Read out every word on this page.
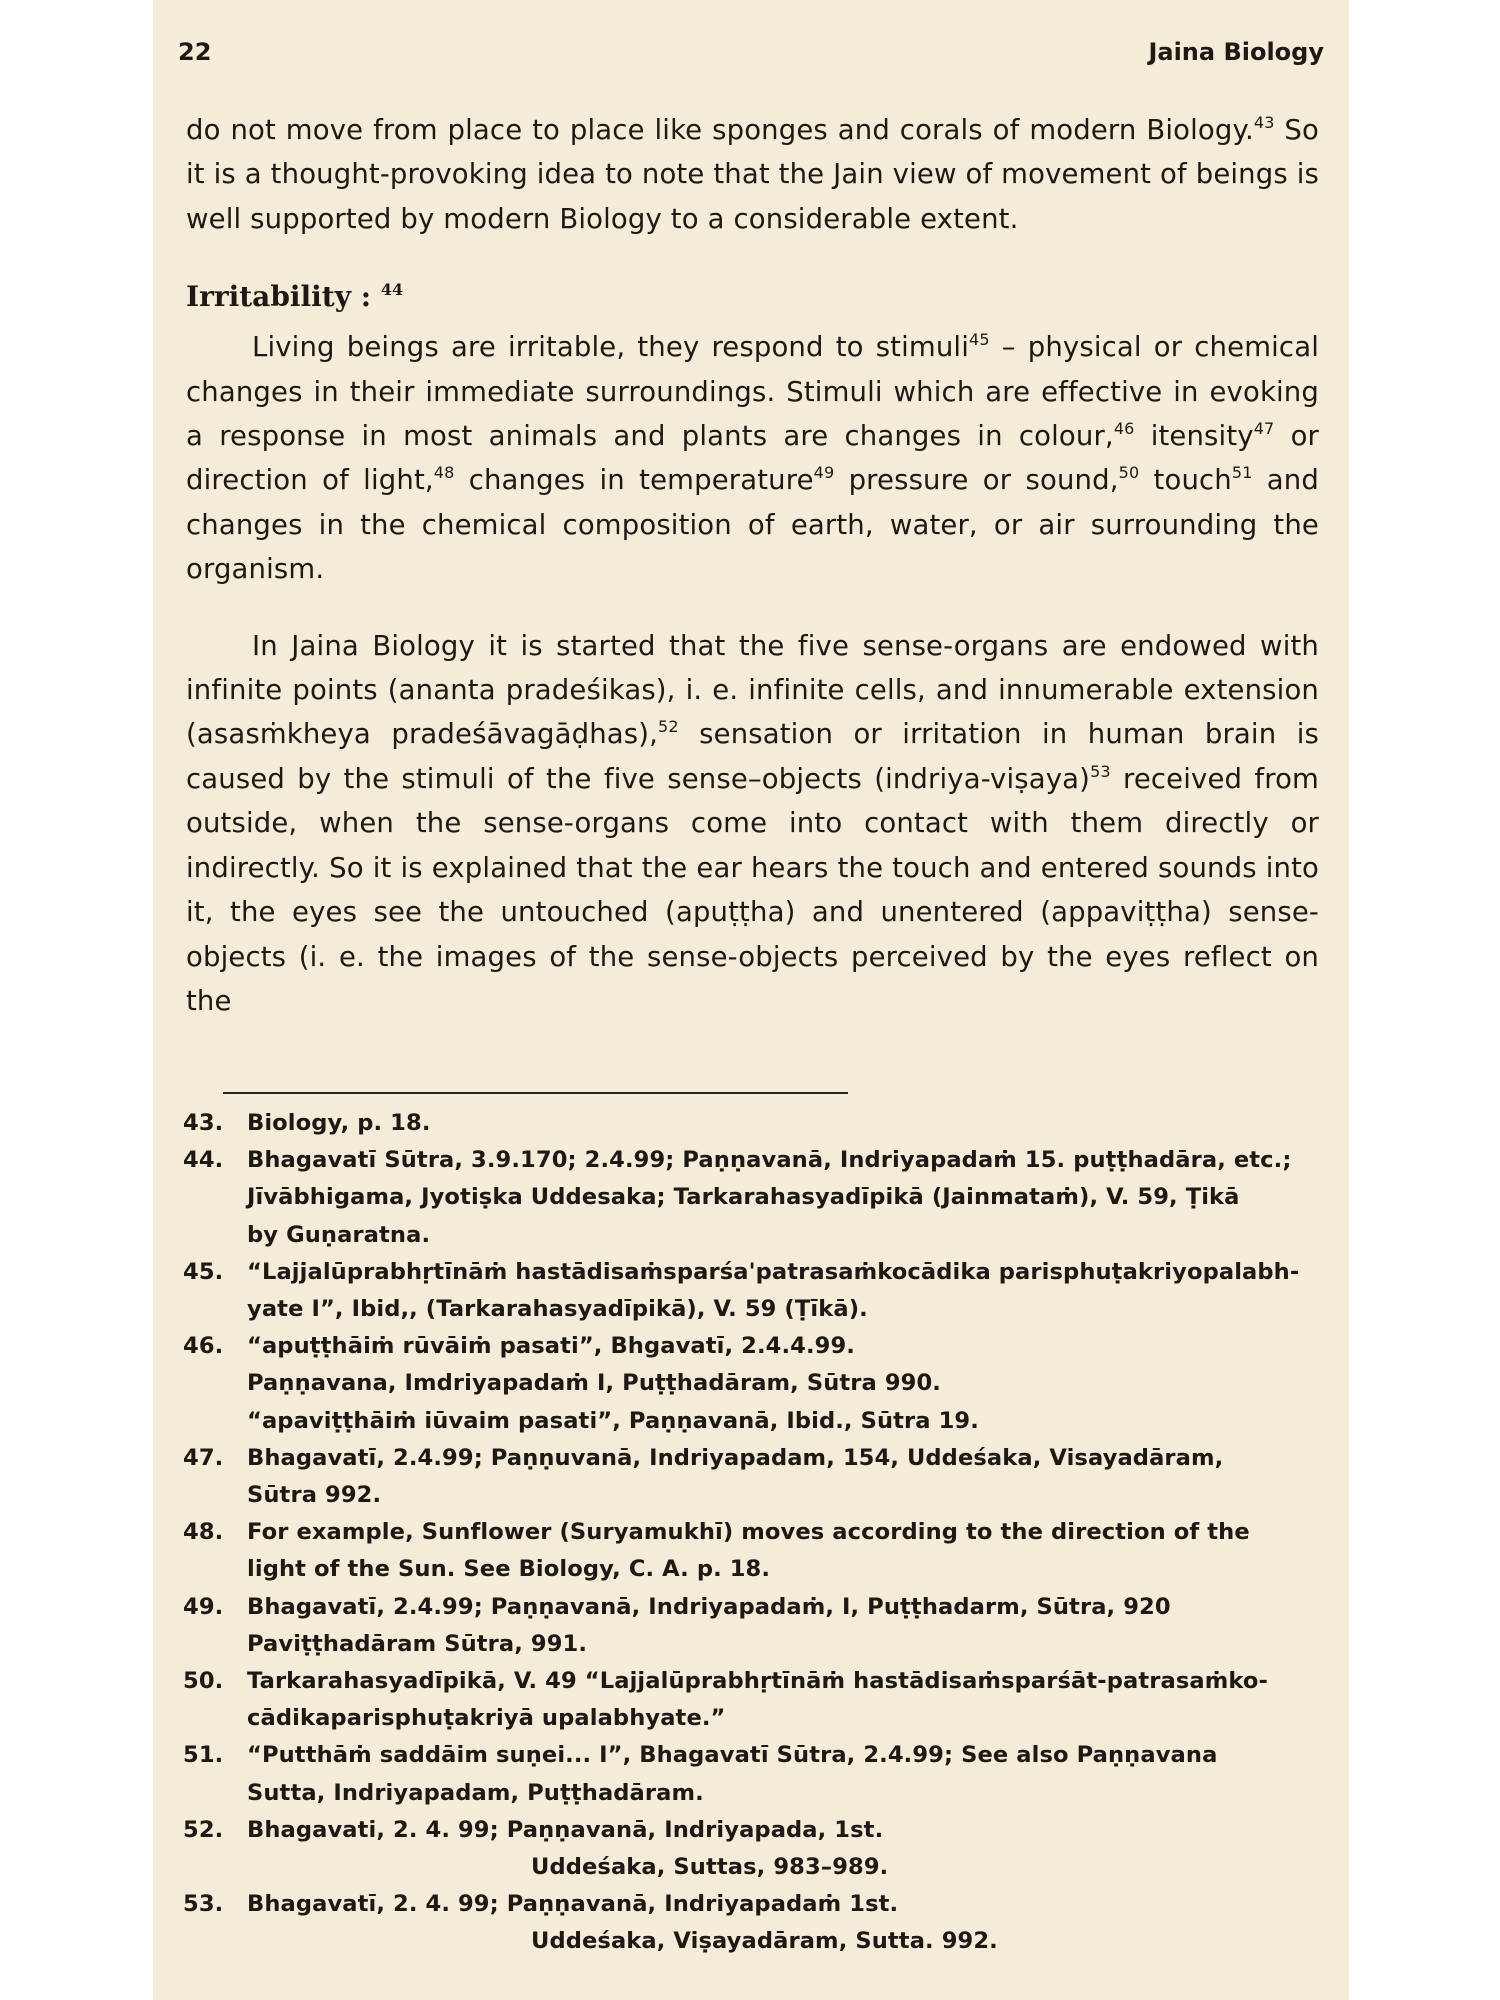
22	Jaina Biology

do not move from place to place like sponges and corals of modern Biology.$^{43}$ So it is a thought-provoking idea to note that the Jain view of movement of beings is well supported by modern Biology to a considerable extent.

Irritability : $^{44}$

Living beings are irritable, they respond to stimuli$^{45}$ – physical or chemical changes in their immediate surroundings. Stimuli which are effective in evoking a response in most animals and plants are changes in colour,$^{46}$ itensity$^{47}$ or direction of light,$^{48}$ changes in temperature$^{49}$ pressure or sound,$^{50}$ touch$^{51}$ and changes in the chemical composition of earth, water, or air surrounding the organism.

In Jaina Biology it is started that the five sense-organs are endowed with infinite points (ananta pradeśikas), i. e. infinite cells, and innumerable extension (asasṁkheya pradeśāvagāḍhas),$^{52}$ sensation or irritation in human brain is caused by the stimuli of the five sense–objects (indriya-viṣaya)$^{53}$ received from outside, when the sense-organs come into contact with them directly or indirectly. So it is explained that the ear hears the touch and entered sounds into it, the eyes see the untouched (apuṭṭha) and unentered (appaviṭṭha) sense-objects (i. e. the images of the sense-objects perceived by the eyes reflect on the

43. Biology, p. 18.
44. Bhagavatī Sūtra, 3.9.170; 2.4.99; Paṇṇavanā, Indriyapadaṁ 15. puṭṭhadāra, etc.;
Jīvābhigama, Jyotiṣka Uddesaka; Tarkarahasyadīpikā (Jainmataṁ), V. 59, Ṭikā
by Guṇaratna.
45. “Lajjalūprabhṛtīnāṁ hastādisaṁsparśa'patrasaṁkocādika parisphuṭakriyopalabh-
yate I”, Ibid,, (Tarkarahasyadīpikā), V. 59 (Ṭīkā).
46. “apuṭṭhāiṁ rūvāiṁ pasati”, Bhgavatī, 2.4.4.99.
Paṇṇavana, Imdriyapadaṁ I, Puṭṭhadāram, Sūtra 990.
“apaviṭṭhāiṁ iūvaim pasati”, Paṇṇavanā, Ibid., Sūtra 19.
47. Bhagavatī, 2.4.99; Paṇṇuvanā, Indriyapadam, 154, Uddeśaka, Visayadāram,
Sūtra 992.
48. For example, Sunflower (Suryamukhī) moves according to the direction of the
light of the Sun. See Biology, C. A. p. 18.
49. Bhagavatī, 2.4.99; Paṇṇavanā, Indriyapadaṁ, I, Puṭṭhadarm, Sūtra, 920
Paviṭṭhadāram Sūtra, 991.
50. Tarkarahasyadīpikā, V. 49 “Lajjalūprabhṛtīnāṁ hastādisaṁsparśāt-patrasaṁko-
cādikaparisphuṭakriyā upalabhyate.”
51. “Putthāṁ saddāim suṇei... I”, Bhagavatī Sūtra, 2.4.99; See also Paṇṇavana
Sutta, Indriyapadam, Puṭṭhadāram.
52. Bhagavati, 2. 4. 99; Paṇṇavanā, Indriyapada, 1st.
Uddeśaka, Suttas, 983–989.
53. Bhagavatī, 2. 4. 99; Paṇṇavanā, Indriyapadaṁ 1st.
Uddeśaka, Viṣayadāram, Sutta. 992.
